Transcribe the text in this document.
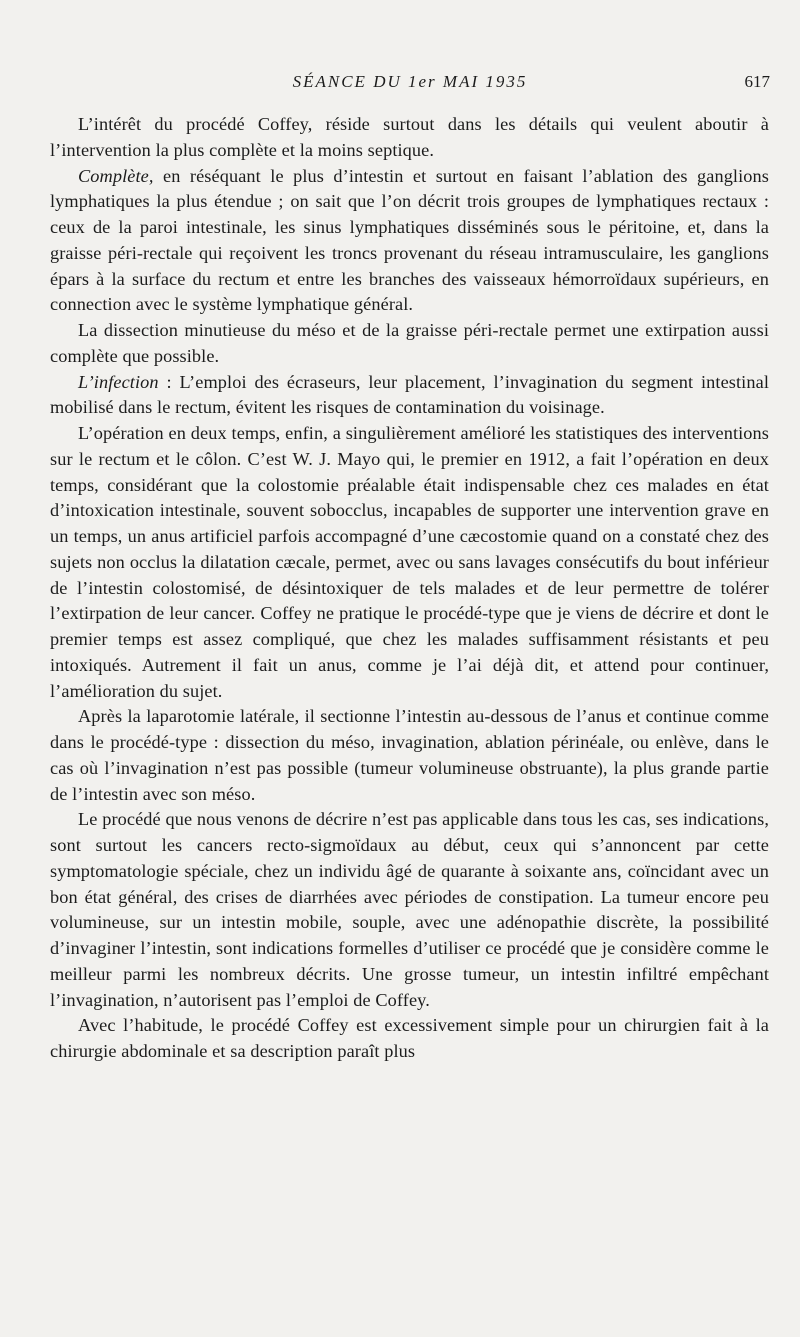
SÉANCE DU 1er MAI 1935	617

L’intérêt du procédé Coffey, réside surtout dans les détails qui veulent aboutir à l’intervention la plus complète et la moins septique.

Complète, en réséquant le plus d’intestin et surtout en faisant l’ablation des ganglions lymphatiques la plus étendue ; on sait que l’on décrit trois groupes de lymphatiques rectaux : ceux de la paroi intestinale, les sinus lymphatiques disséminés sous le péritoine, et, dans la graisse péri-rectale qui reçoivent les troncs provenant du réseau intramusculaire, les ganglions épars à la surface du rectum et entre les branches des vaisseaux hémorroïdaux supérieurs, en connection avec le système lymphatique général.

La dissection minutieuse du méso et de la graisse péri-rectale permet une extirpation aussi complète que possible.

L’infection : L’emploi des écraseurs, leur placement, l’invagination du segment intestinal mobilisé dans le rectum, évitent les risques de contamination du voisinage.

L’opération en deux temps, enfin, a singulièrement amélioré les statistiques des interventions sur le rectum et le côlon. C’est W. J. Mayo qui, le premier en 1912, a fait l’opération en deux temps, considérant que la colostomie préalable était indispensable chez ces malades en état d’intoxication intestinale, souvent sobocclus, incapables de supporter une intervention grave en un temps, un anus artificiel parfois accompagné d’une cæcostomie quand on a constaté chez des sujets non occlus la dilatation cæcale, permet, avec ou sans lavages consécutifs du bout inférieur de l’intestin colostomisé, de désintoxiquer de tels malades et de leur permettre de tolérer l’extirpation de leur cancer. Coffey ne pratique le procédé-type que je viens de décrire et dont le premier temps est assez compliqué, que chez les malades suffisamment résistants et peu intoxiqués. Autrement il fait un anus, comme je l’ai déjà dit, et attend pour continuer, l’amélioration du sujet.

Après la laparotomie latérale, il sectionne l’intestin au-dessous de l’anus et continue comme dans le procédé-type : dissection du méso, invagination, ablation périnéale, ou enlève, dans le cas où l’invagination n’est pas possible (tumeur volumineuse obstruante), la plus grande partie de l’intestin avec son méso.

Le procédé que nous venons de décrire n’est pas applicable dans tous les cas, ses indications, sont surtout les cancers recto-sigmoïdaux au début, ceux qui s’annoncent par cette symptomatologie spéciale, chez un individu âgé de quarante à soixante ans, coïncidant avec un bon état général, des crises de diarrhées avec périodes de constipation. La tumeur encore peu volumineuse, sur un intestin mobile, souple, avec une adénopathie discrète, la possibilité d’invaginer l’intestin, sont indications formelles d’utiliser ce procédé que je considère comme le meilleur parmi les nombreux décrits. Une grosse tumeur, un intestin infiltré empêchant l’invagination, n’autorisent pas l’emploi de Coffey.

Avec l’habitude, le procédé Coffey est excessivement simple pour un chirurgien fait à la chirurgie abdominale et sa description paraît plus
